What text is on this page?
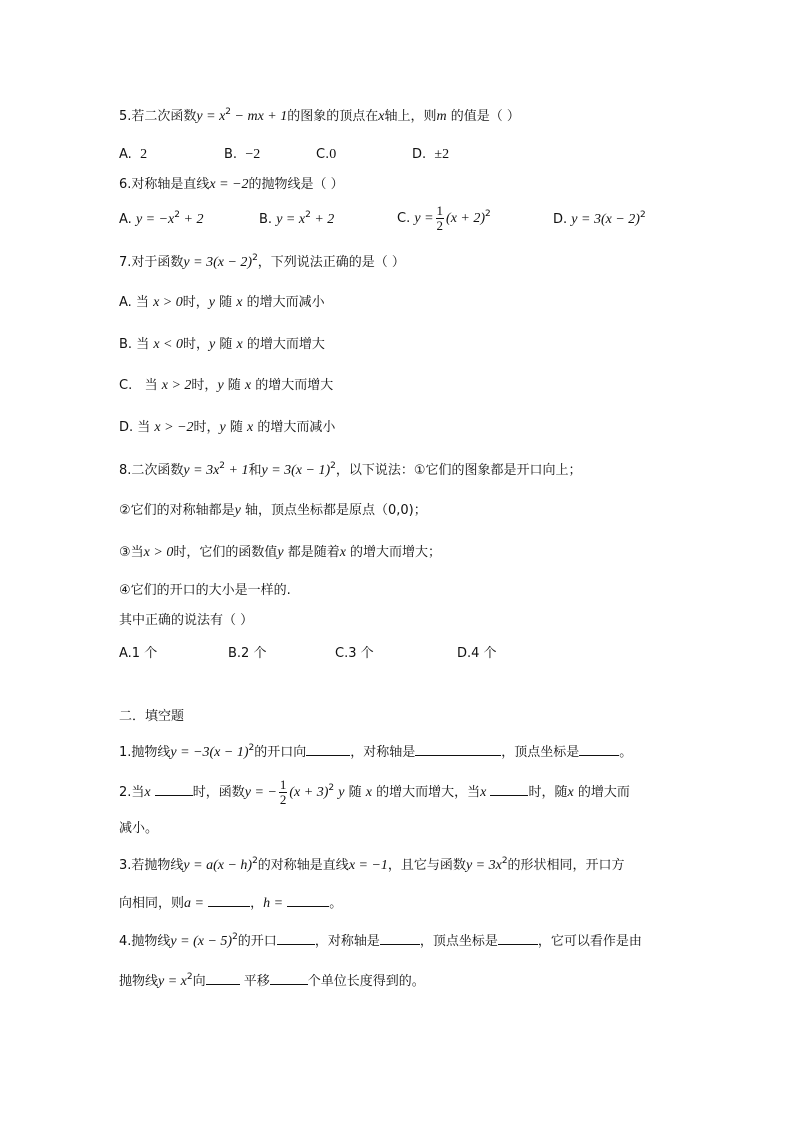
5.若二次函数$y = x^2$ − mx + 1的图象的顶点在x轴上，则m 的值是（ ）
A. 2	B. −2	C.0	D. ±2
6.对称轴是直线x = −2的抛物线是（ ）
A. $y = -x^2 + 2$	B. $y = x^2 + 2$	C. $y = \frac{1}{2} (x + 2)^2$	D. $y = 3(x - 2)^2$
7.对于函数$y = 3(x - 2)^2$，下列说法正确的是（ ）
A. 当 x > 0时，y 随 x 的增大而减小
B. 当 x < 0时，y 随 x 的增大而增大
C.   当 x > 2时，y 随 x 的增大而增大
D. 当 x > −2时，y 随 x 的增大而减小
8.二次函数$y = 3x^2 + 1$和$y = 3(x - 1)^2$，以下说法：①它们的图象都是开口向上；
②它们的对称轴都是y 轴，顶点坐标都是原点（0,0)；
③当x > 0时，它们的函数值y 都是随着x 的增大而增大；
④它们的开口的大小是一样的.
其中正确的说法有（ ）
A.1 个	B.2 个	C.3 个	D.4 个
二．填空题
1.抛物线$y = -3(x - 1)^2$的开口向	，对称轴是	，顶点坐标是	。
2.当x	时，函数y = − $\frac{1}{2} (x + 3)^2$ y 随 x 的增大而增大，当x	时，随x 的增大而
减小。
3.若抛物线$y = a(x - h)^2$的对称轴是直线x = −1，且它与函数$y = 3x^2$的形状相同，开口方
向相同，则a =	，h =	。
4.抛物线$y = (x - 5)^2$的开口	，对称轴是	，顶点坐标是	，它可以看作是由
抛物线$y = x^2$向	平移	个单位长度得到的。
